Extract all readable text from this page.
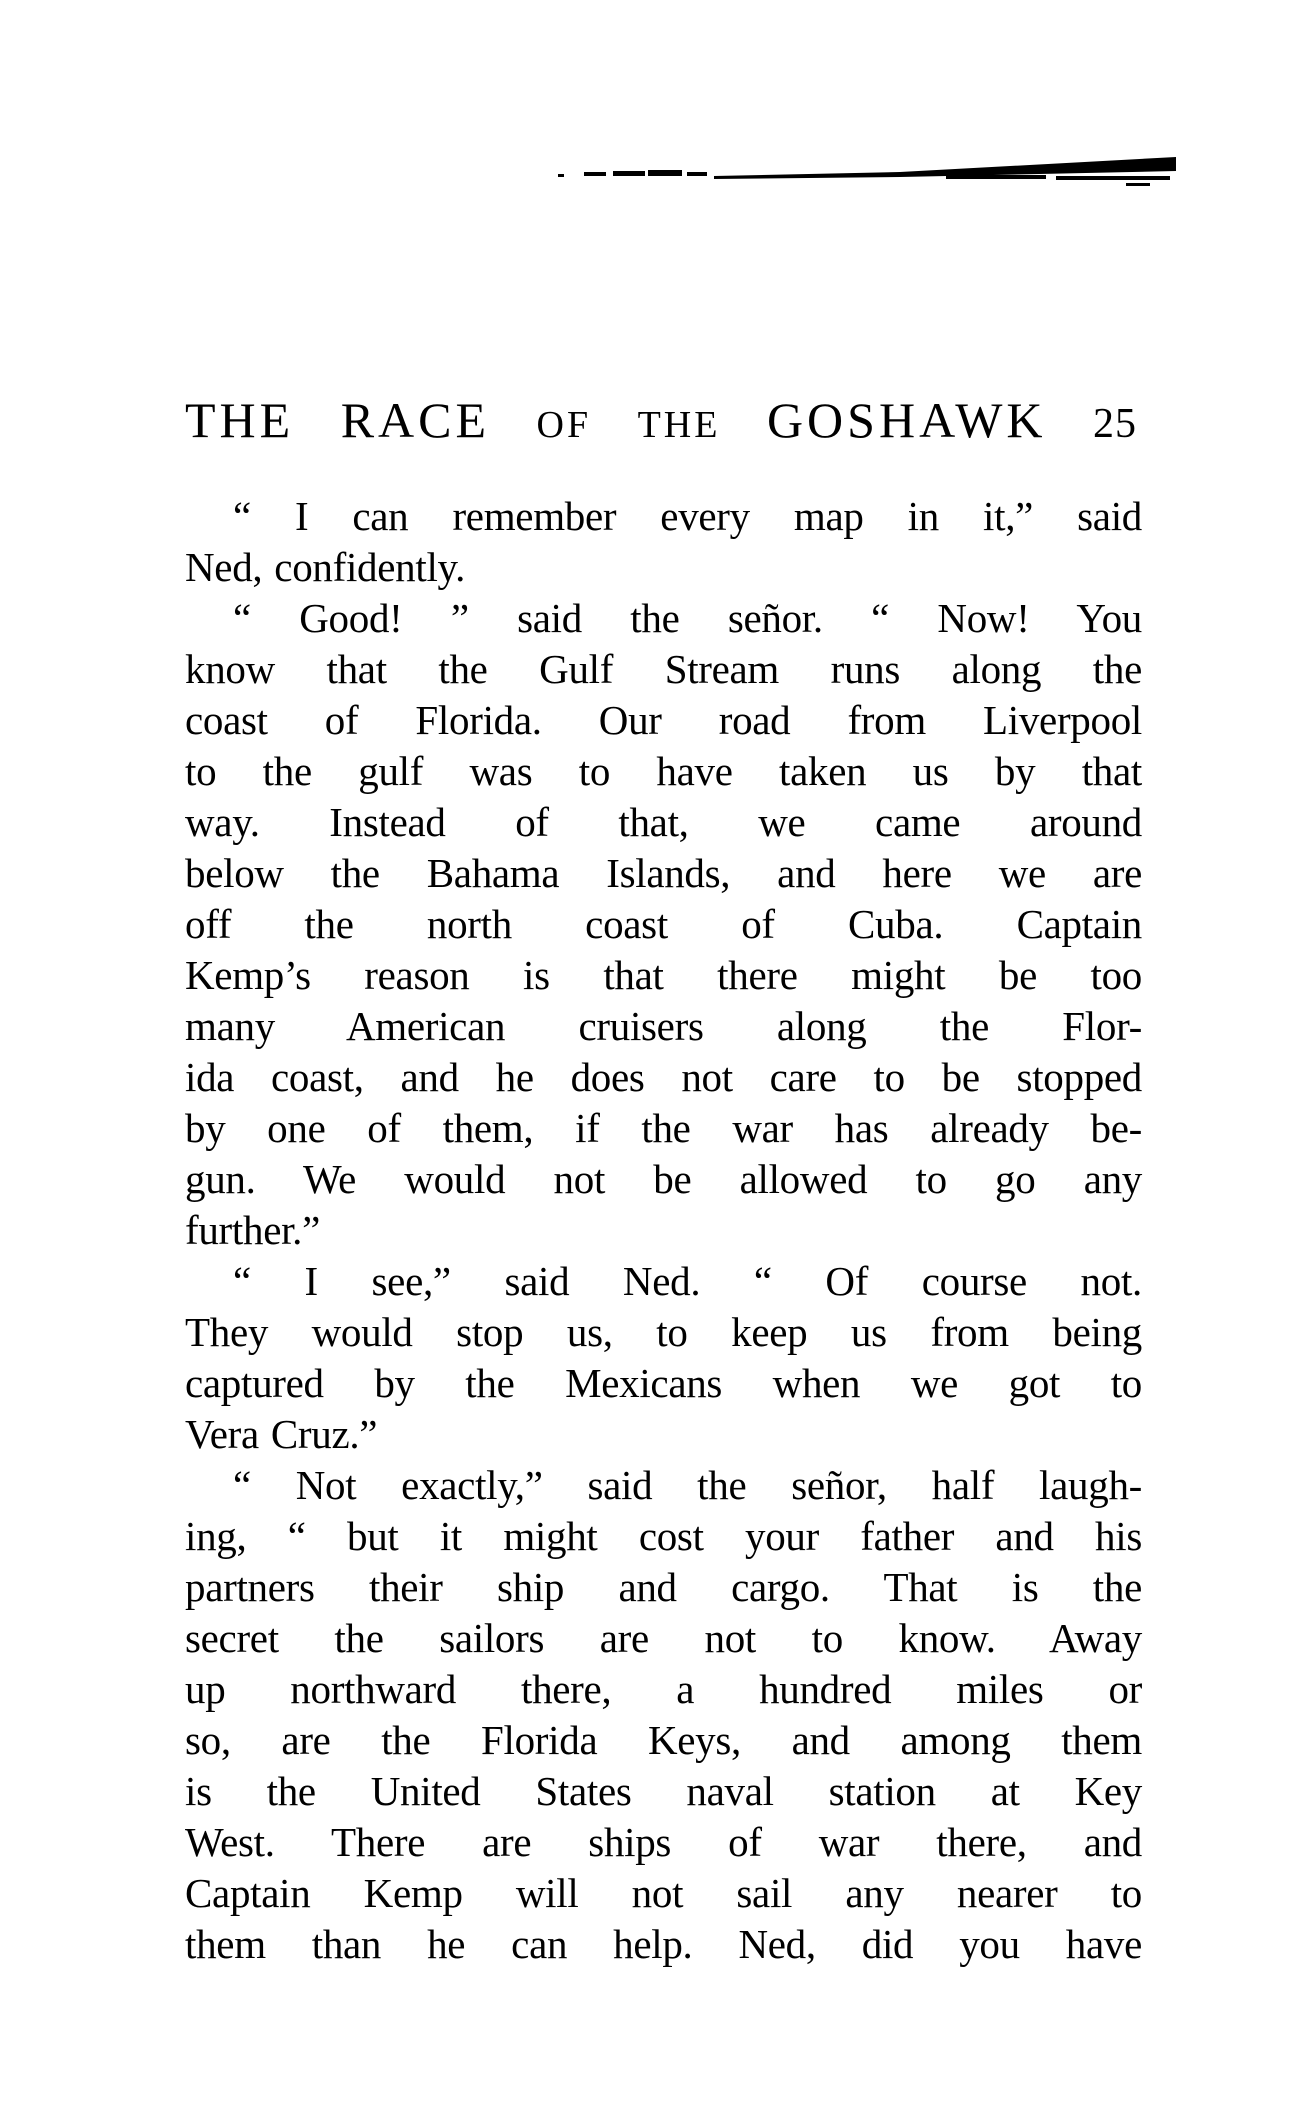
THE RACE OF THE GOSHAWK 25
“ I can remember every map in it,” said
Ned, confidently.
“ Good! ” said the señor. “ Now! You
know that the Gulf Stream runs along the
coast of Florida. Our road from Liverpool
to the gulf was to have taken us by that
way. Instead of that, we came around
below the Bahama Islands, and here we are
off the north coast of Cuba. Captain
Kemp’s reason is that there might be too
many American cruisers along the Flor-
ida coast, and he does not care to be stopped
by one of them, if the war has already be-
gun. We would not be allowed to go any
further.”
“ I see,” said Ned. “ Of course not.
They would stop us, to keep us from being
captured by the Mexicans when we got to
Vera Cruz.”
“ Not exactly,” said the señor, half laugh-
ing, “ but it might cost your father and his
partners their ship and cargo. That is the
secret the sailors are not to know. Away
up northward there, a hundred miles or
so, are the Florida Keys, and among them
is the United States naval station at Key
West. There are ships of war there, and
Captain Kemp will not sail any nearer to
them than he can help. Ned, did you have
